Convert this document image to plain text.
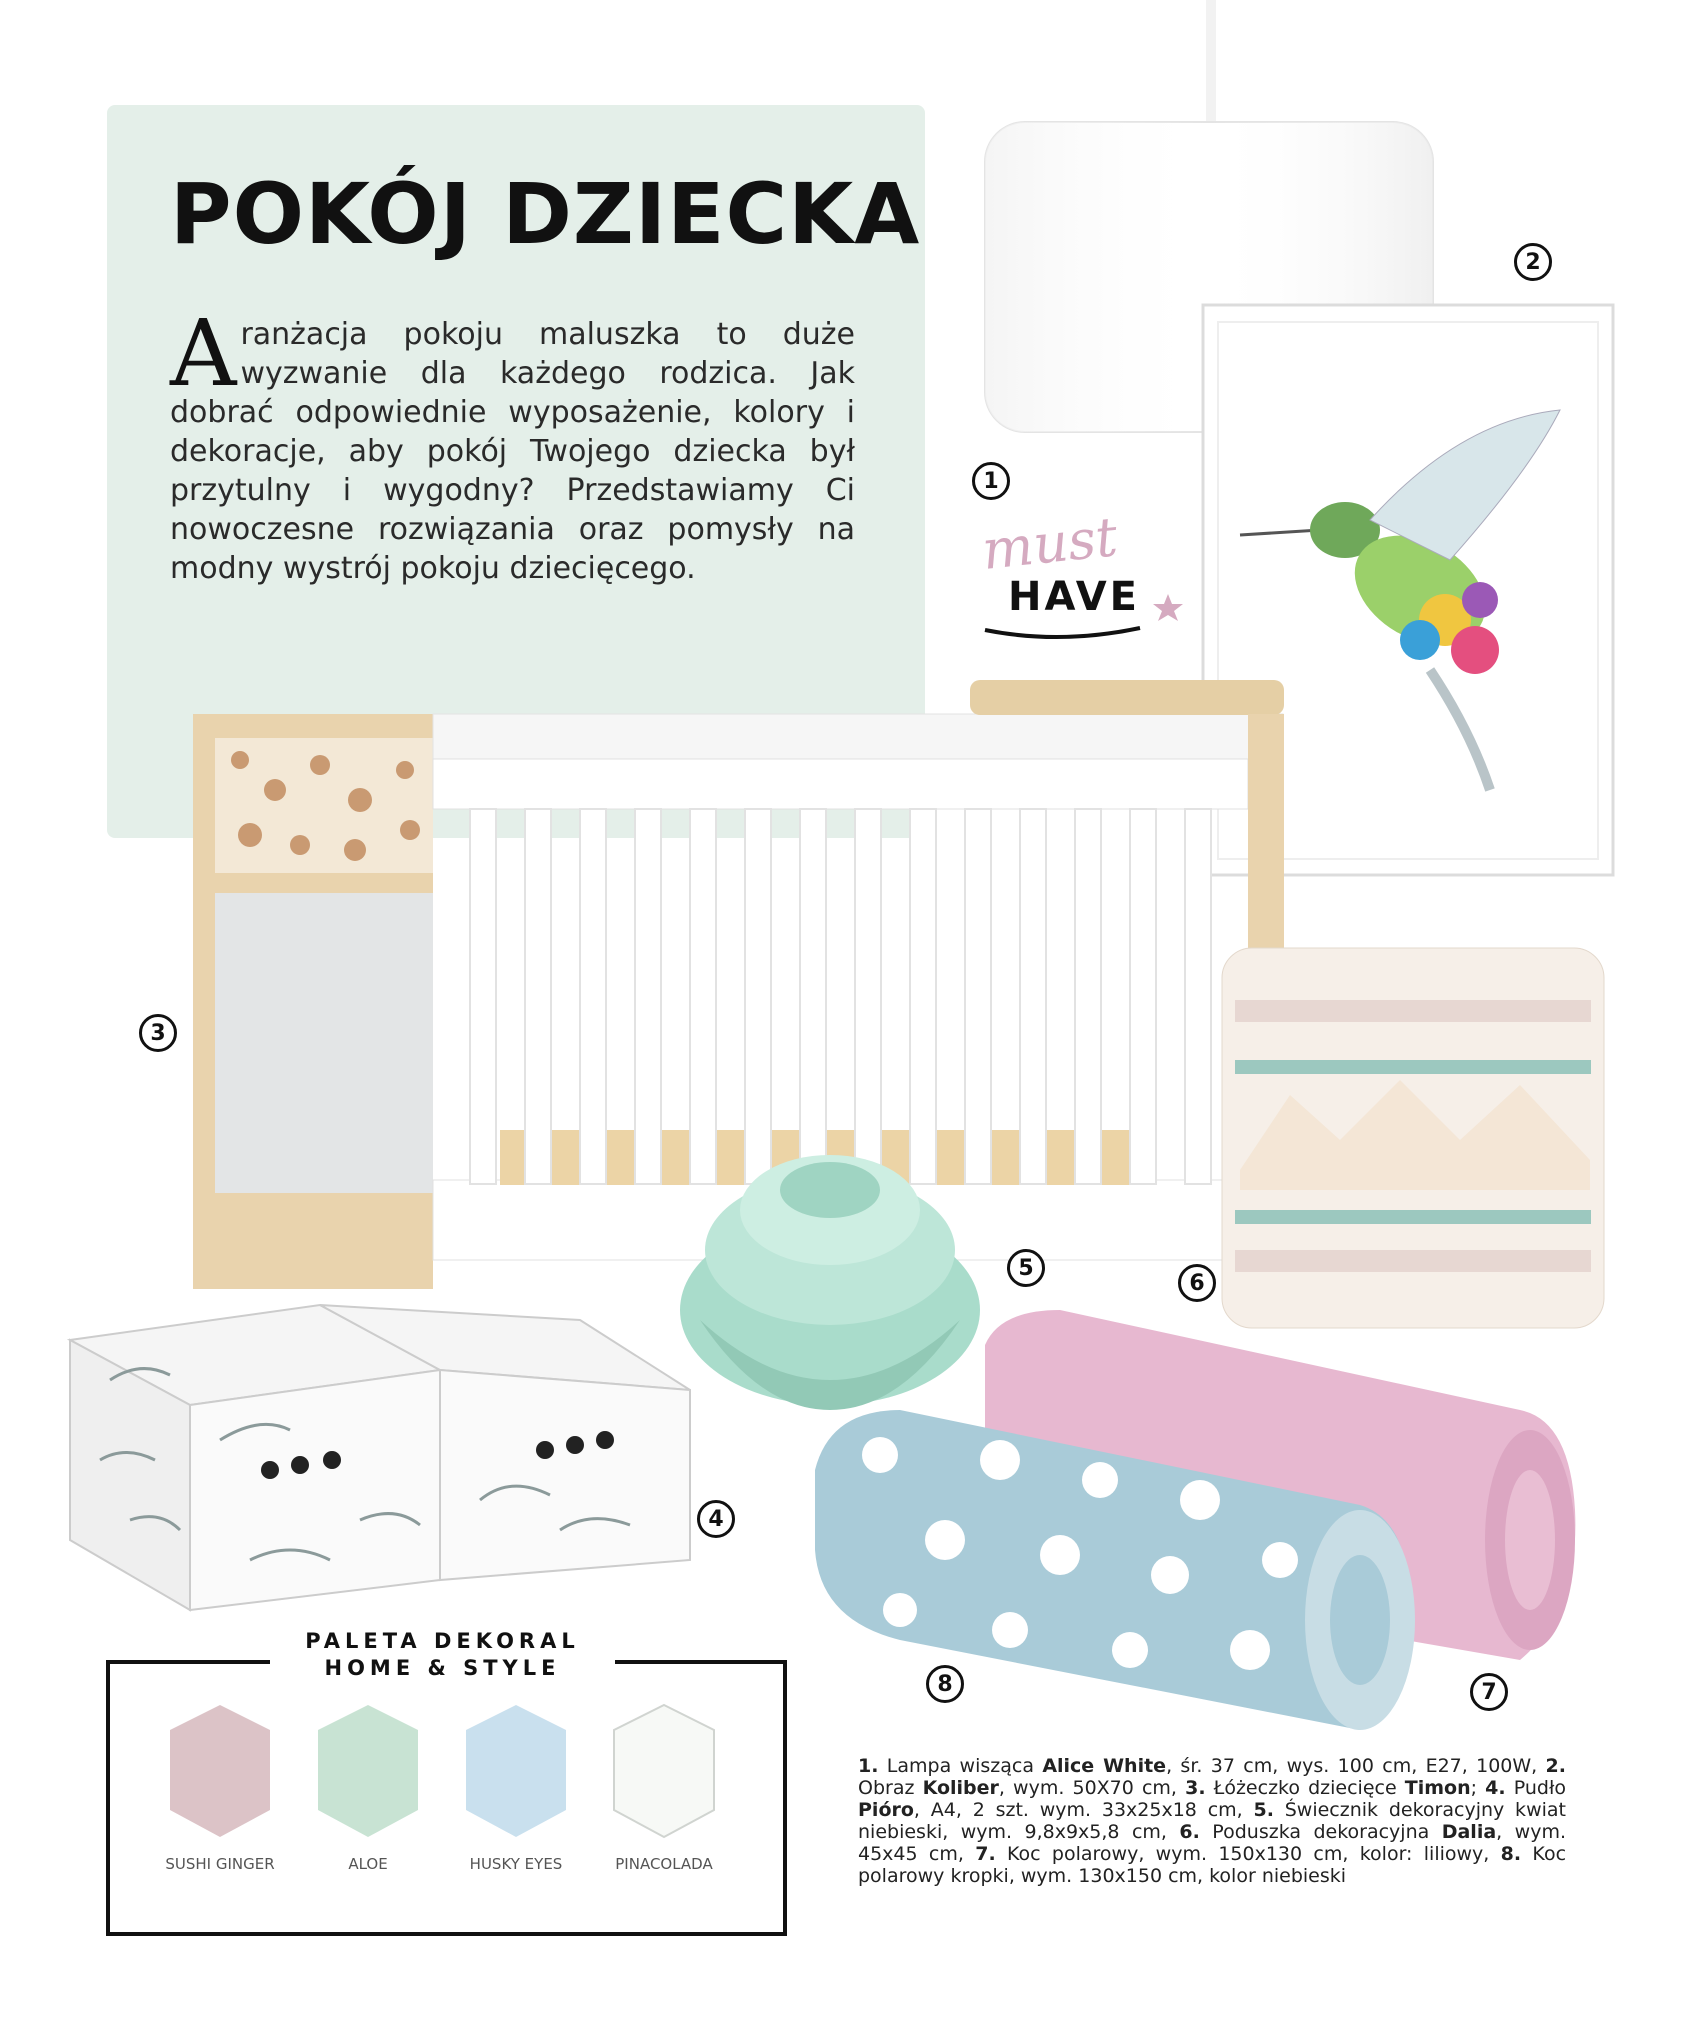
POKÓJ DZIECKA
Aranżacja pokoju maluszka to duże wyzwanie dla każdego rodzica. Jak dobrać odpowiednie wyposażenie, kolory i dekoracje, aby pokój Twojego dziecka był przytulny i wygodny? Przedstawiamy Ci nowoczesne rozwiązania oraz pomysły na modny wystrój pokoju dziecięcego.	must
HAVE
1
2
3
4
5
6
7
8
PALETA DEKORAL
HOME & STYLE
SUSHI GINGER	ALOE	HUSKY EYES	PINACOLADA
1. Lampa wisząca Alice White, śr. 37 cm, wys. 100 cm, E27, 100W, 2. Obraz Koliber, wym. 50X70 cm, 3. Łóżeczko dziecięce Timon; 4. Pudło Pióro, A4, 2 szt. wym. 33x25x18 cm, 5. Świecznik dekoracyjny kwiat niebieski, wym. 9,8x9x5,8 cm, 6. Poduszka dekoracyjna Dalia, wym. 45x45 cm, 7. Koc polarowy, wym. 150x130 cm, kolor: liliowy, 8. Koc polarowy kropki, wym. 130x150 cm, kolor niebieski
